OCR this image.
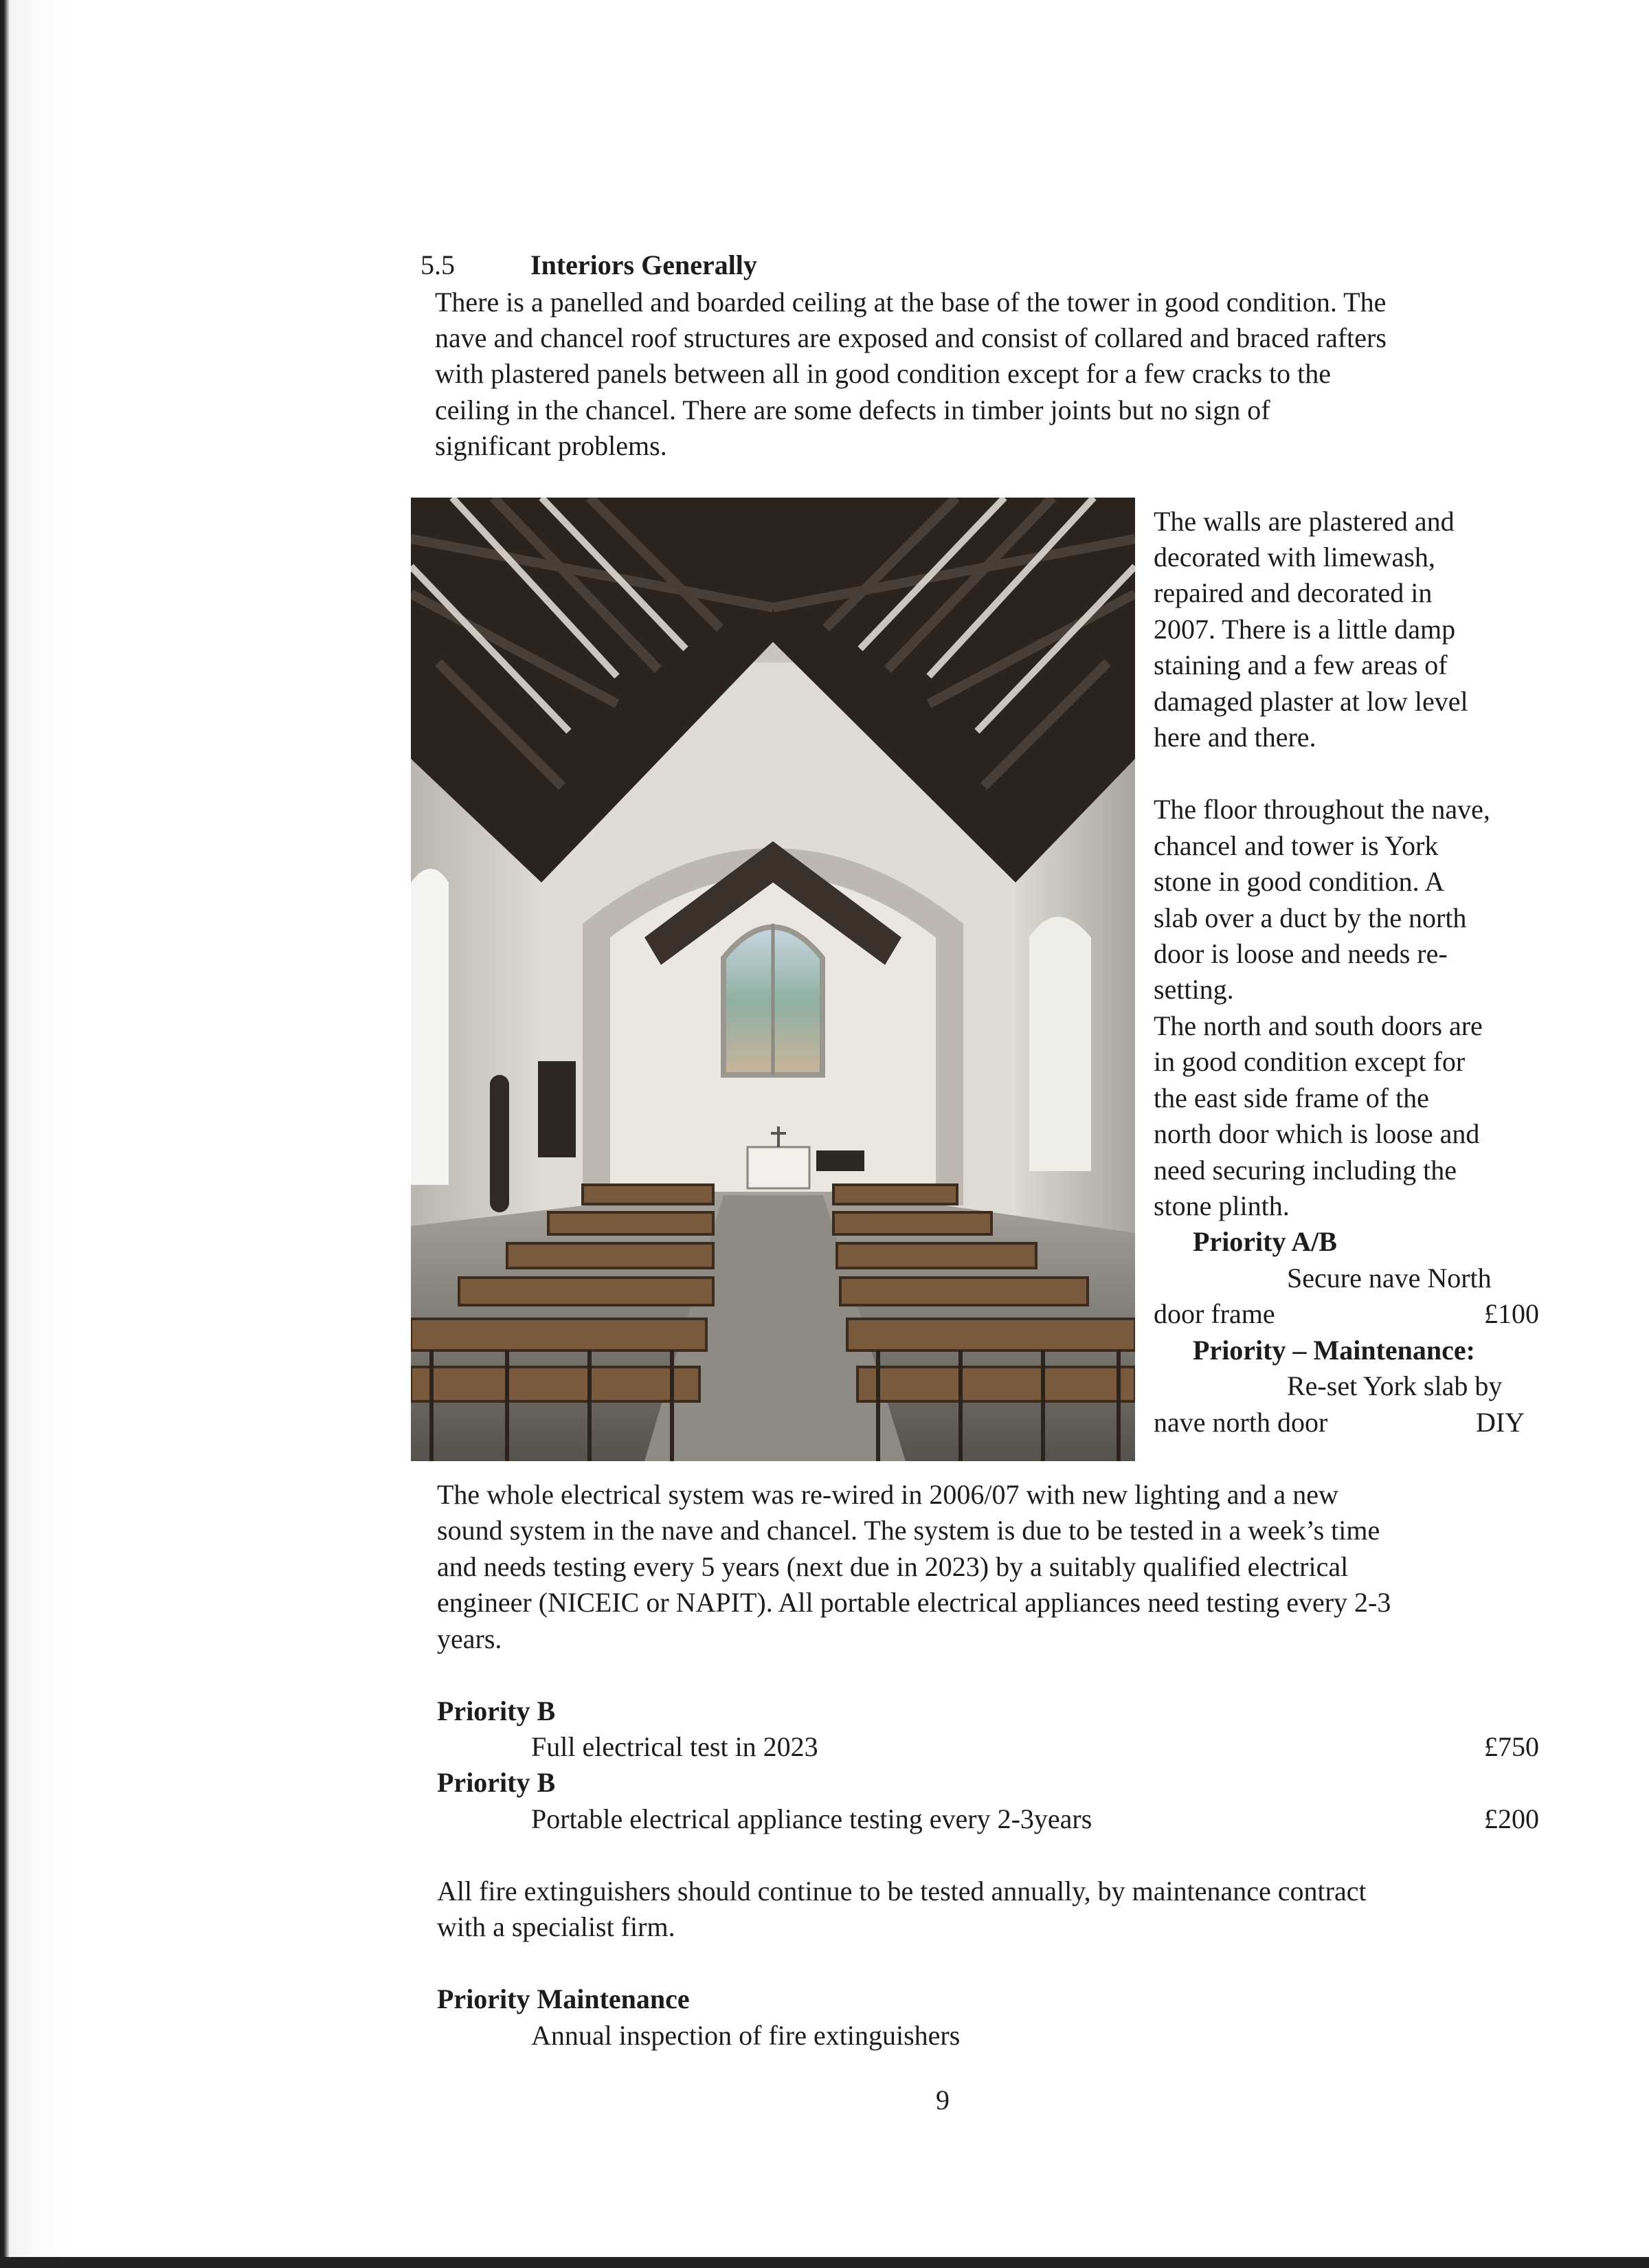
5.5	Interiors Generally
There is a panelled and boarded ceiling at the base of the tower in good condition. The
nave and chancel roof structures are exposed and consist of collared and braced rafters
with plastered panels between all in good condition except for a few cracks to the
ceiling in the chancel. There are some defects in timber joints but no sign of
significant problems.
The walls are plastered and
decorated with limewash,
repaired and decorated in
2007. There is a little damp
staining and a few areas of
damaged plaster at low level
here and there.
The floor throughout the nave,
chancel and tower is York
stone in good condition. A
slab over a duct by the north
door is loose and needs re-
setting.
The north and south doors are
in good condition except for
the east side frame of the
north door which is loose and
need securing including the
stone plinth.
Priority A/B
Secure nave North
door frame	£100
Priority – Maintenance:
Re-set York slab by
nave north door	DIY
The whole electrical system was re-wired in 2006/07 with new lighting and a new
sound system in the nave and chancel. The system is due to be tested in a week’s time
and needs testing every 5 years (next due in 2023) by a suitably qualified electrical
engineer (NICEIC or NAPIT). All portable electrical appliances need testing every 2-3
years.
Priority B
Full electrical test in 2023	£750
Priority B
Portable electrical appliance testing every 2-3years	£200
All fire extinguishers should continue to be tested annually, by maintenance contract
with a specialist firm.
Priority Maintenance
Annual inspection of fire extinguishers
9
